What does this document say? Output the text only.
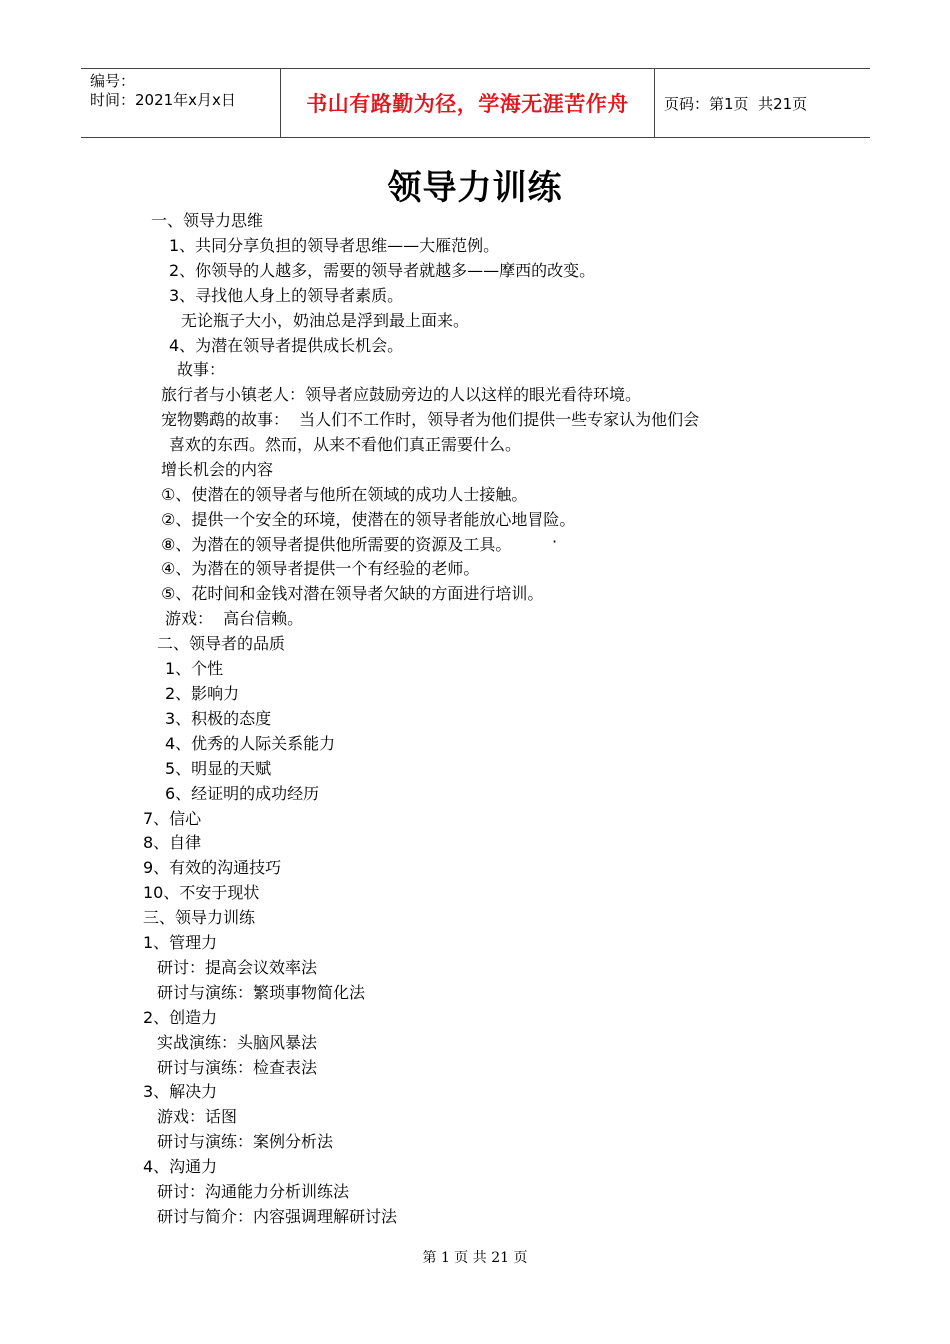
编号：
时间：2021年x月x日	书山有路勤为径，学海无涯苦作舟 页码：第1页  共21页
领导力训练
一、领导力思维
1、共同分享负担的领导者思维——大雁范例。
2、你领导的人越多，需要的领导者就越多——摩西的改变。
3、寻找他人身上的领导者素质。
无论瓶子大小，奶油总是浮到最上面来。
4、为潜在领导者提供成长机会。
故事：
旅行者与小镇老人：领导者应鼓励旁边的人以这样的眼光看待环境。
宠物鹦鹉的故事：  当人们不工作时，领导者为他们提供一些专家认为他们会
喜欢的东西。然而，从来不看他们真正需要什么。
增长机会的内容
①、使潜在的领导者与他所在领域的成功人士接触。
②、提供一个安全的环境，使潜在的领导者能放心地冒险。
⑧、为潜在的领导者提供他所需要的资源及工具。	·
④、为潜在的领导者提供一个有经验的老师。
⑤、花时间和金钱对潜在领导者欠缺的方面进行培训。
游戏：  高台信赖。
二、领导者的品质
1、个性
2、影响力
3、积极的态度
4、优秀的人际关系能力
5、明显的天赋
6、经证明的成功经历
7、信心
8、自律
9、有效的沟通技巧
10、不安于现状
三、领导力训练
1、管理力
研讨：提高会议效率法
研讨与演练：繁琐事物简化法
2、创造力
实战演练：头脑风暴法
研讨与演练：检查表法
3、解决力
游戏：话图
研讨与演练：案例分析法
4、沟通力
研讨：沟通能力分析训练法
研讨与简介：内容强调理解研讨法
第 1 页 共 21 页
